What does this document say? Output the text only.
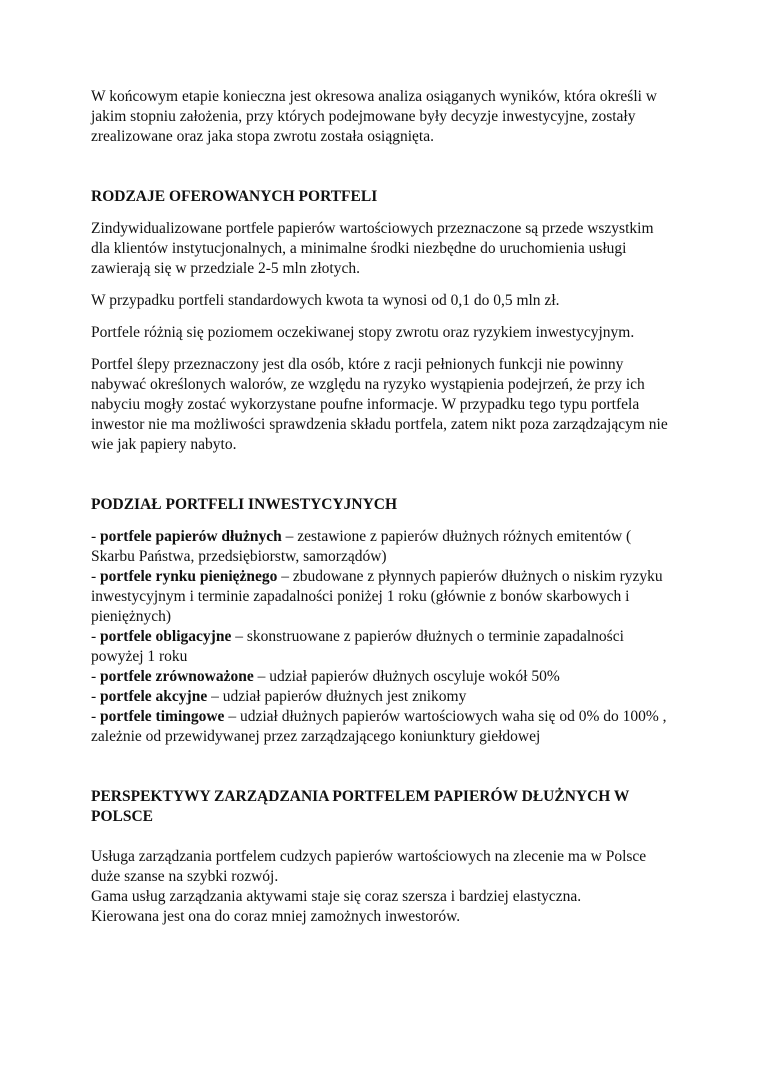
W końcowym etapie konieczna jest okresowa analiza osiąganych wyników, która określi w jakim stopniu założenia, przy których podejmowane były decyzje inwestycyjne, zostały zrealizowane oraz jaka stopa zwrotu została osiągnięta.

RODZAJE OFEROWANYCH PORTFELI

Zindywidualizowane portfele papierów wartościowych przeznaczone są przede wszystkim dla klientów instytucjonalnych, a minimalne środki niezbędne do uruchomienia usługi zawierają się w przedziale 2-5 mln złotych.

W przypadku portfeli standardowych kwota ta wynosi od 0,1 do 0,5 mln zł.

Portfele różnią się poziomem oczekiwanej stopy zwrotu oraz ryzykiem inwestycyjnym.

Portfel ślepy przeznaczony jest dla osób, które z racji pełnionych funkcji nie powinny nabywać określonych walorów, ze względu na ryzyko wystąpienia podejrzeń, że przy ich nabyciu mogły zostać wykorzystane poufne informacje. W przypadku tego typu portfela inwestor nie ma możliwości sprawdzenia składu portfela, zatem nikt poza zarządzającym nie wie jak papiery nabyto.

PODZIAŁ PORTFELI INWESTYCYJNYCH

- portfele papierów dłużnych – zestawione z papierów dłużnych różnych emitentów ( Skarbu Państwa, przedsiębiorstw, samorządów)

- portfele rynku pieniężnego – zbudowane z płynnych papierów dłużnych o niskim ryzyku inwestycyjnym i terminie zapadalności poniżej 1 roku (głównie z bonów skarbowych i pieniężnych)

- portfele obligacyjne – skonstruowane z papierów dłużnych o terminie zapadalności powyżej 1 roku

- portfele zrównoważone – udział papierów dłużnych oscyluje wokół 50%

- portfele akcyjne – udział papierów dłużnych jest znikomy

- portfele timingowe – udział dłużnych papierów wartościowych waha się od 0% do 100% , zależnie od przewidywanej przez zarządzającego koniunktury giełdowej

PERSPEKTYWY ZARZĄDZANIA PORTFELEM PAPIERÓW DŁUŻNYCH W POLSCE

Usługa zarządzania portfelem cudzych papierów wartościowych na zlecenie ma w Polsce duże szanse na szybki rozwój.

Gama usług zarządzania aktywami staje się coraz szersza i bardziej elastyczna.

Kierowana jest ona do coraz mniej zamożnych inwestorów.
